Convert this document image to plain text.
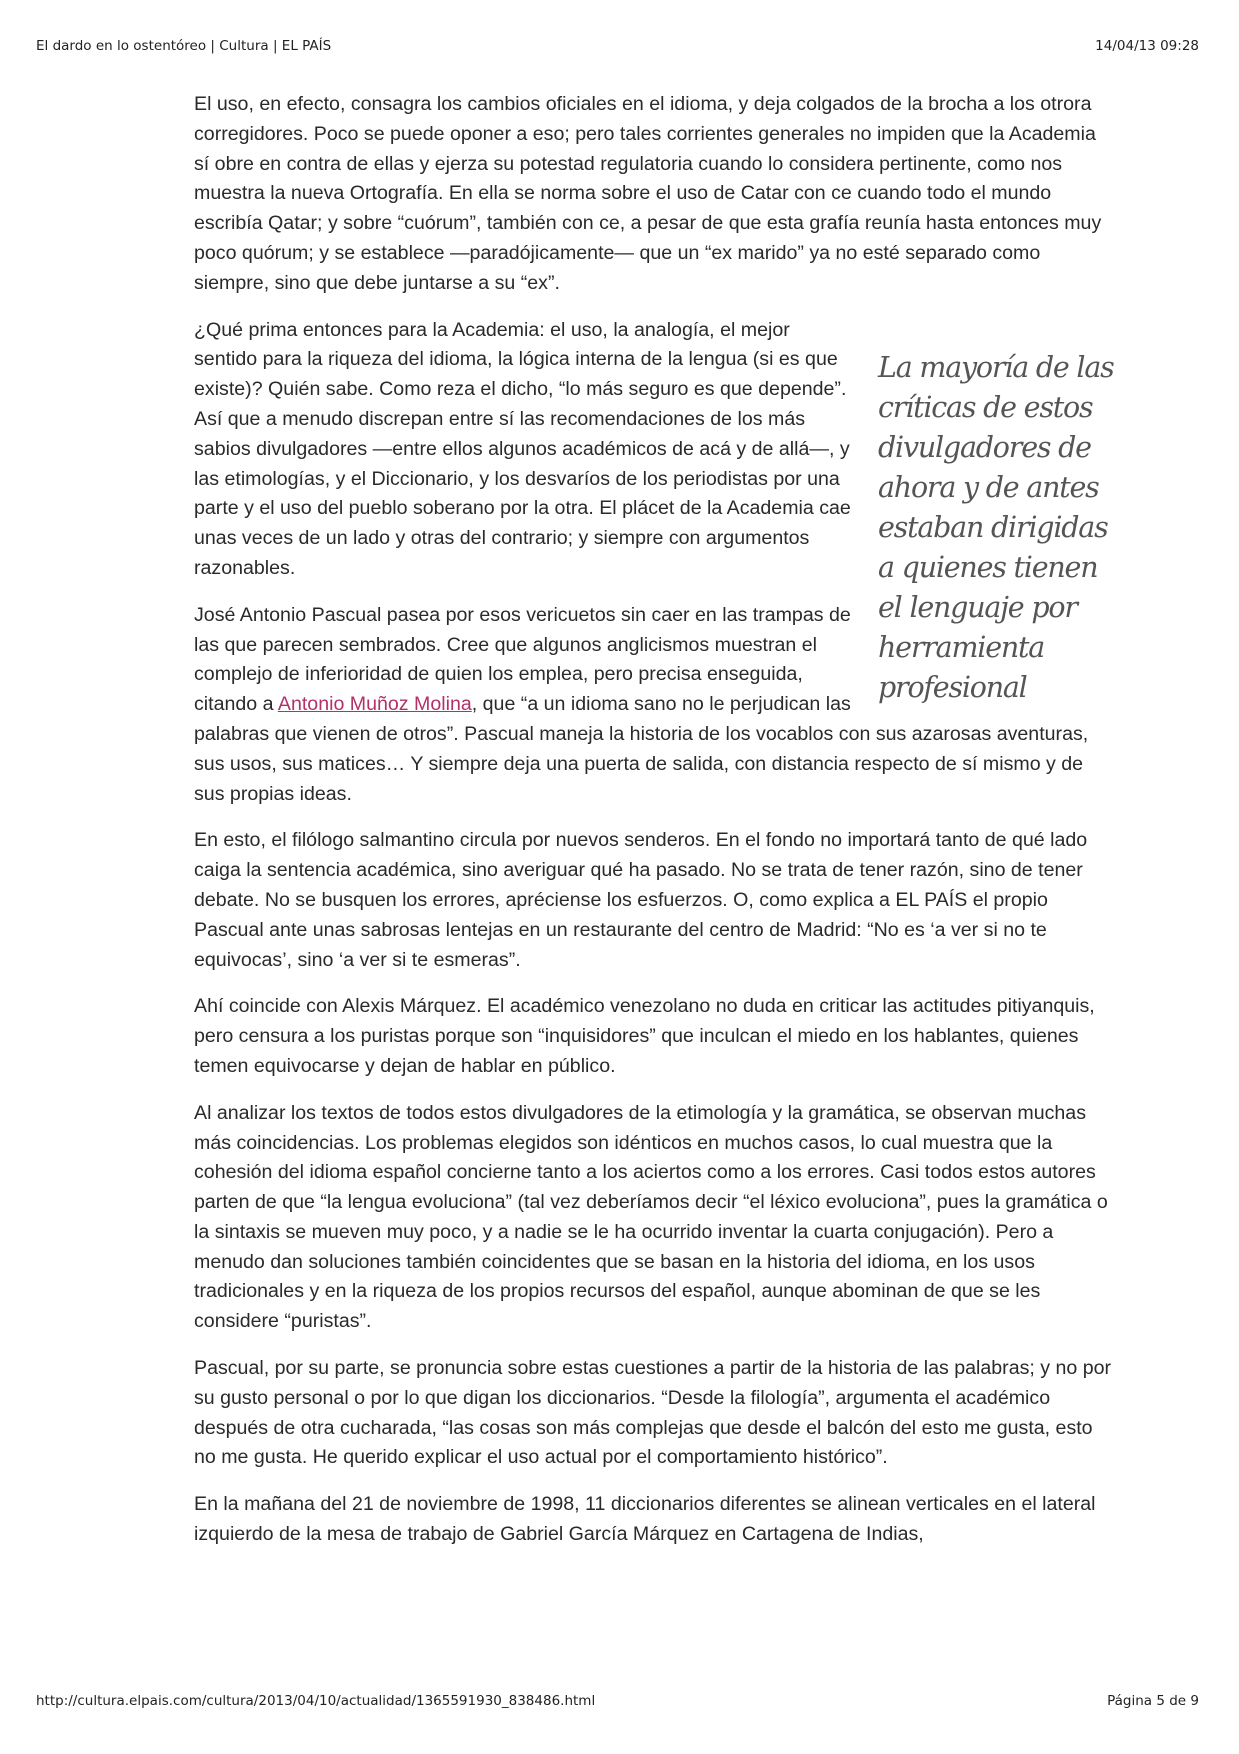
El dardo en lo ostentóreo | Cultura | EL PAÍS	14/04/13 09:28

El uso, en efecto, consagra los cambios oficiales en el idioma, y deja colgados de la brocha a los otrora corregidores. Poco se puede oponer a eso; pero tales corrientes generales no impiden que la Academia sí obre en contra de ellas y ejerza su potestad regulatoria cuando lo considera pertinente, como nos muestra la nueva Ortografía. En ella se norma sobre el uso de Catar con ce cuando todo el mundo escribía Qatar; y sobre “cuórum”, también con ce, a pesar de que esta grafía reunía hasta entonces muy poco quórum; y se establece —paradójicamente— que un “ex marido” ya no esté separado como siempre, sino que debe juntarse a su “ex”.

La mayoría de las críticas de estos divulgadores de ahora y de antes estaban dirigidas a quienes tienen el lenguaje por herramienta profesional

¿Qué prima entonces para la Academia: el uso, la analogía, el mejor sentido para la riqueza del idioma, la lógica interna de la lengua (si es que existe)? Quién sabe. Como reza el dicho, “lo más seguro es que depende”. Así que a menudo discrepan entre sí las recomendaciones de los más sabios divulgadores —entre ellos algunos académicos de acá y de allá—, y las etimologías, y el Diccionario, y los desvaríos de los periodistas por una parte y el uso del pueblo soberano por la otra. El plácet de la Academia cae unas veces de un lado y otras del contrario; y siempre con argumentos razonables.

José Antonio Pascual pasea por esos vericuetos sin caer en las trampas de las que parecen sembrados. Cree que algunos anglicismos muestran el complejo de inferioridad de quien los emplea, pero precisa enseguida, citando a Antonio Muñoz Molina, que “a un idioma sano no le perjudican las palabras que vienen de otros”. Pascual maneja la historia de los vocablos con sus azarosas aventuras, sus usos, sus matices… Y siempre deja una puerta de salida, con distancia respecto de sí mismo y de sus propias ideas.

En esto, el filólogo salmantino circula por nuevos senderos. En el fondo no importará tanto de qué lado caiga la sentencia académica, sino averiguar qué ha pasado. No se trata de tener razón, sino de tener debate. No se busquen los errores, apréciense los esfuerzos. O, como explica a EL PAÍS el propio Pascual ante unas sabrosas lentejas en un restaurante del centro de Madrid: “No es ‘a ver si no te equivocas’, sino ‘a ver si te esmeras”.

Ahí coincide con Alexis Márquez. El académico venezolano no duda en criticar las actitudes pitiyanquis, pero censura a los puristas porque son “inquisidores” que inculcan el miedo en los hablantes, quienes temen equivocarse y dejan de hablar en público.

Al analizar los textos de todos estos divulgadores de la etimología y la gramática, se observan muchas más coincidencias. Los problemas elegidos son idénticos en muchos casos, lo cual muestra que la cohesión del idioma español concierne tanto a los aciertos como a los errores. Casi todos estos autores parten de que “la lengua evoluciona” (tal vez deberíamos decir “el léxico evoluciona”, pues la gramática o la sintaxis se mueven muy poco, y a nadie se le ha ocurrido inventar la cuarta conjugación). Pero a menudo dan soluciones también coincidentes que se basan en la historia del idioma, en los usos tradicionales y en la riqueza de los propios recursos del español, aunque abominan de que se les considere “puristas”.

Pascual, por su parte, se pronuncia sobre estas cuestiones a partir de la historia de las palabras; y no por su gusto personal o por lo que digan los diccionarios. “Desde la filología”, argumenta el académico después de otra cucharada, “las cosas son más complejas que desde el balcón del esto me gusta, esto no me gusta. He querido explicar el uso actual por el comportamiento histórico”.

En la mañana del 21 de noviembre de 1998, 11 diccionarios diferentes se alinean verticales en el lateral izquierdo de la mesa de trabajo de Gabriel García Márquez en Cartagena de Indias,

http://cultura.elpais.com/cultura/2013/04/10/actualidad/1365591930_838486.html	Página 5 de 9
